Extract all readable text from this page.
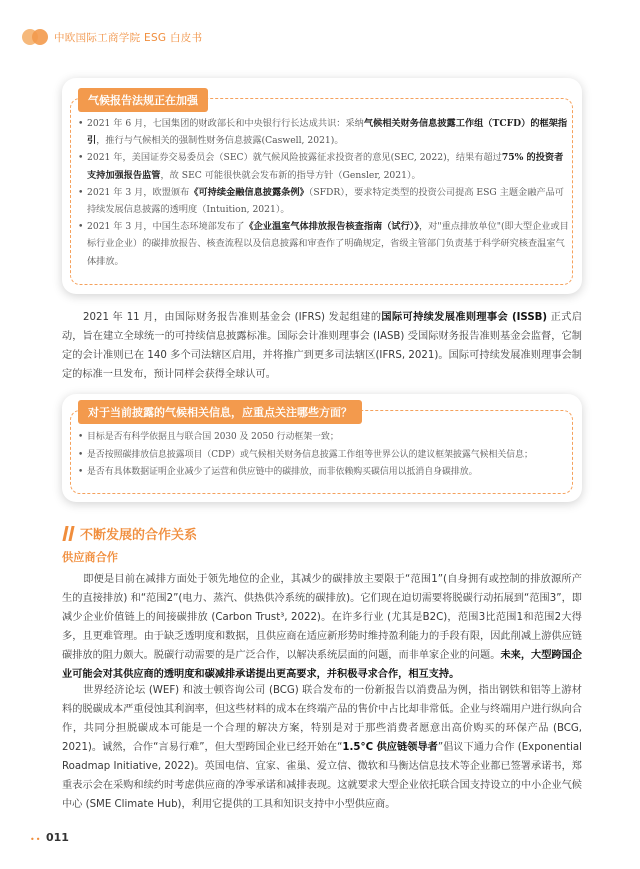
中欧国际工商学院 ESG 白皮书
气候报告法规正在加强
• 2021 年 6 月，七国集团的财政部长和中央银行行长达成共识：采纳气候相关财务信息披露工作组（TCFD）的框架指引，推行与气候相关的强制性财务信息披露(Caswell, 2021)。
• 2021 年，美国证券交易委员会（SEC）就气候风险披露征求投资者的意见(SEC, 2022)，结果有超过75% 的投资者支持加强报告监管，故 SEC 可能很快就会发布新的指导方针（Gensler, 2021）。
• 2021 年 3 月，欧盟颁布《可持续金融信息披露条例》（SFDR），要求特定类型的投资公司提高 ESG 主题金融产品可持续发展信息披露的透明度（Intuition, 2021）。
• 2021 年 3 月，中国生态环境部发布了《企业温室气体排放报告核查指南（试行）》，对"重点排放单位"(即大型企业或目标行业企业）的碳排放报告、核查流程以及信息披露和审查作了明确规定，省级主管部门负责基于科学研究核查温室气体排放。
2021 年 11 月，由国际财务报告准则基金会 (IFRS) 发起组建的国际可持续发展准则理事会 (ISSB) 正式启动，旨在建立全球统一的可持续信息披露标准。国际会计准则理事会 (IASB) 受国际财务报告准则基金会监督，它制定的会计准则已在 140 多个司法辖区启用，并将推广到更多司法辖区(IFRS, 2021)。国际可持续发展准则理事会制定的标准一旦发布，预计同样会获得全球认可。
对于当前披露的气候相关信息，应重点关注哪些方面？
• 目标是否有科学依据且与联合国 2030 及 2050 行动框架一致；
• 是否按照碳排放信息披露项目（CDP）或气候相关财务信息披露工作组等世界公认的建议框架披露气候相关信息；
• 是否有具体数据证明企业减少了运营和供应链中的碳排放，而非依赖购买碳信用以抵消自身碳排放。
不断发展的合作关系
供应商合作
即便是目前在减排方面处于领先地位的企业，其减少的碳排放主要限于“范围1”(自身拥有或控制的排放源所产生的直接排放) 和“范围2”(电力、蒸汽、供热供冷系统的碳排放)。它们现在迫切需要将脱碳行动拓展到“范围3”，即减少企业价值链上的间接碳排放 (Carbon Trust³, 2022)。在许多行业 (尤其是B2C)，范围3比范围1和范围2大得多，且更难管理。由于缺乏透明度和数据，且供应商在适应新形势时维持盈利能力的手段有限，因此削减上游供应链碳排放的阻力颇大。脱碳行动需要的是广泛合作，以解决系统层面的问题，而非单家企业的问题。未来，大型跨国企业可能会对其供应商的透明度和碳减排承诺提出更高要求，并积极寻求合作，相互支持。
世界经济论坛 (WEF) 和波士顿咨询公司 (BCG) 联合发布的一份新报告以消费品为例，指出钢铁和铝等上游材料的脱碳成本严重侵蚀其利润率，但这些材料的成本在终端产品的售价中占比却非常低。企业与终端用户进行纵向合作，共同分担脱碳成本可能是一个合理的解决方案，特别是对于那些消费者愿意出高价购买的环保产品 (BCG, 2021)。诚然，合作“言易行难”，但大型跨国企业已经开始在“1.5°C 供应链领导者”倡议下通力合作 (Exponential Roadmap Initiative, 2022)。英国电信、宜家、雀巢、爱立信、微软和马衡达信息技术等企业都已签署承诺书，郑重表示会在采购和续约时考虑供应商的净零承诺和减排表现。这就要求大型企业依托联合国支持设立的中小企业气候中心 (SME Climate Hub)，利用它提供的工具和知识支持中小型供应商。
•• 011
